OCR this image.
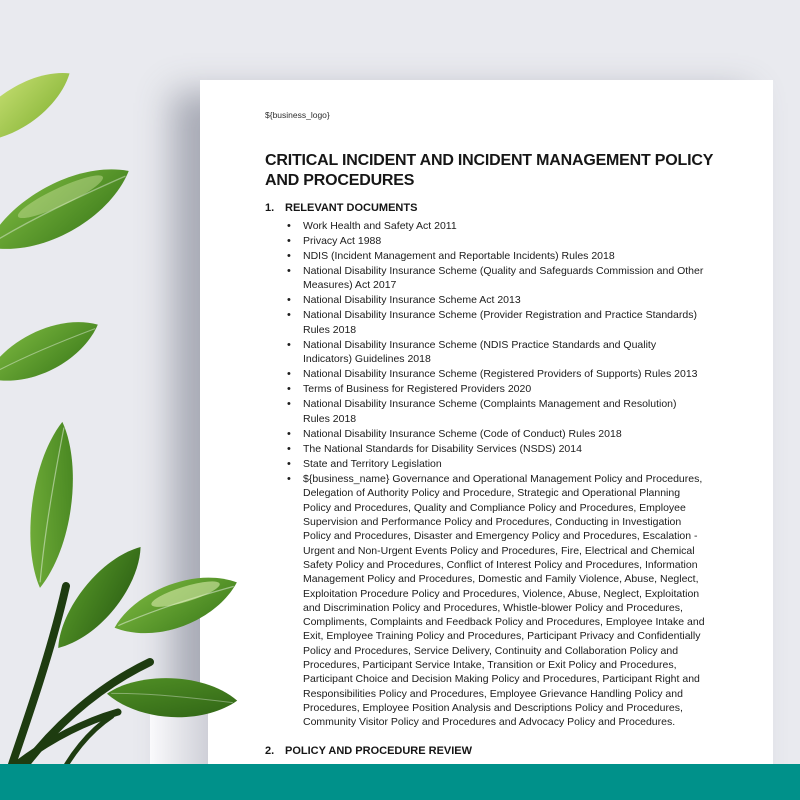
${business_logo}
CRITICAL INCIDENT AND INCIDENT MANAGEMENT POLICY AND PROCEDURES
1. RELEVANT DOCUMENTS
• Work Health and Safety Act 2011
• Privacy Act 1988
• NDIS (Incident Management and Reportable Incidents) Rules 2018
• National Disability Insurance Scheme (Quality and Safeguards Commission and Other Measures) Act 2017
• National Disability Insurance Scheme Act 2013
• National Disability Insurance Scheme (Provider Registration and Practice Standards) Rules 2018
• National Disability Insurance Scheme (NDIS Practice Standards and Quality Indicators) Guidelines 2018
• National Disability Insurance Scheme (Registered Providers of Supports) Rules 2013
• Terms of Business for Registered Providers 2020
• National Disability Insurance Scheme (Complaints Management and Resolution) Rules 2018
• National Disability Insurance Scheme (Code of Conduct) Rules 2018
• The National Standards for Disability Services (NSDS) 2014
• State and Territory Legislation
• ${business_name} Governance and Operational Management Policy and Procedures, Delegation of Authority Policy and Procedure, Strategic and Operational Planning Policy and Procedures, Quality and Compliance Policy and Procedures, Employee Supervision and Performance Policy and Procedures, Conducting in Investigation Policy and Procedures, Disaster and Emergency Policy and Procedures, Escalation - Urgent and Non-Urgent Events Policy and Procedures, Fire, Electrical and Chemical Safety Policy and Procedures, Conflict of Interest Policy and Procedures, Information Management Policy and Procedures, Domestic and Family Violence, Abuse, Neglect, Exploitation Procedure Policy and Procedures, Violence, Abuse, Neglect, Exploitation and Discrimination Policy and Procedures, Whistle-blower Policy and Procedures, Compliments, Complaints and Feedback Policy and Procedures, Employee Intake and Exit, Employee Training Policy and Procedures, Participant Privacy and Confidentially Policy and Procedures, Service Delivery, Continuity and Collaboration Policy and Procedures, Participant Service Intake, Transition or Exit Policy and Procedures, Participant Choice and Decision Making Policy and Procedures, Participant Right and Responsibilities Policy and Procedures, Employee Grievance Handling Policy and Procedures, Employee Position Analysis and Descriptions Policy and Procedures, Community Visitor Policy and Procedures and Advocacy Policy and Procedures.
2. POLICY AND PROCEDURE REVIEW
